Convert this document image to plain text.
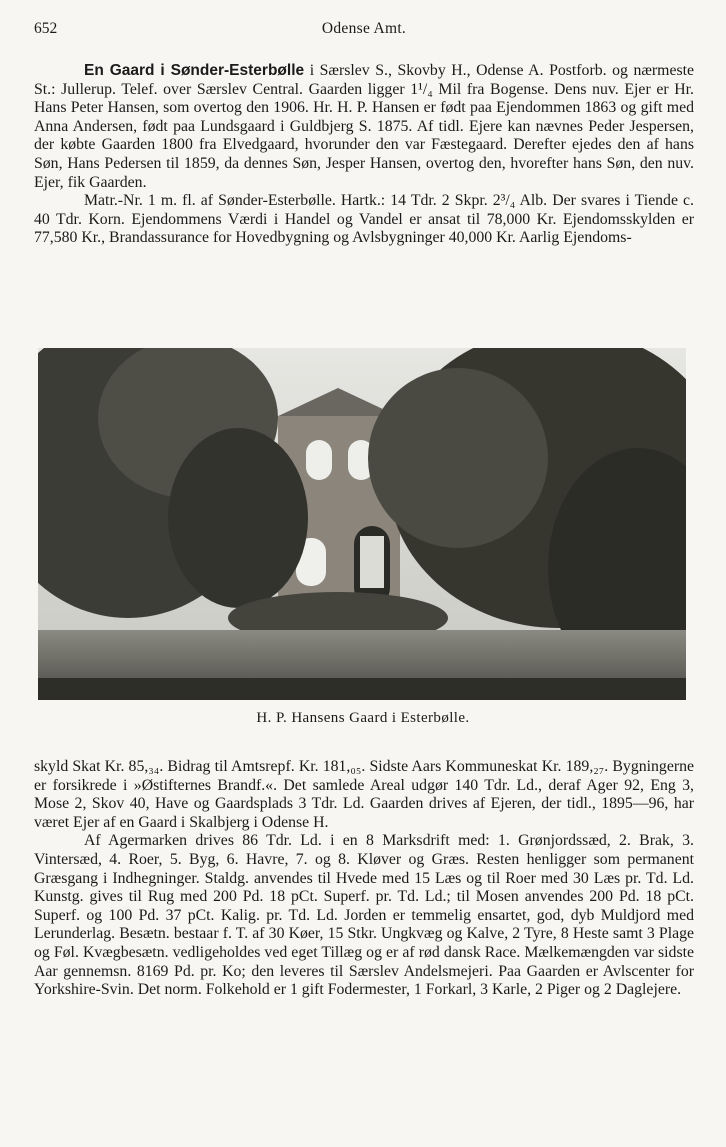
652	Odense Amt.

En Gaard i Sønder-Esterbølle i Særslev S., Skovby H., Odense A. Postforb. og nærmeste St.: Jullerup. Telef. over Særslev Central. Gaarden ligger 1¹/₄ Mil fra Bogense. Dens nuv. Ejer er Hr. Hans Peter Hansen, som overtog den 1906. Hr. H. P. Hansen er født paa Ejendommen 1863 og gift med Anna Andersen, født paa Lundsgaard i Guldbjerg S. 1875. Af tidl. Ejere kan nævnes Peder Jespersen, der købte Gaarden 1800 fra Elvedgaard, hvorunder den var Fæstegaard. Derefter ejedes den af hans Søn, Hans Pedersen til 1859, da dennes Søn, Jesper Hansen, overtog den, hvorefter hans Søn, den nuv. Ejer, fik Gaarden.

Matr.-Nr. 1 m. fl. af Sønder-Esterbølle. Hartk.: 14 Tdr. 2 Skpr. 2³/₄ Alb. Der svares i Tiende c. 40 Tdr. Korn. Ejendommens Værdi i Handel og Vandel er ansat til 78,000 Kr. Ejendomsskylden er 77,580 Kr., Brandassurance for Hovedbygning og Avlsbygninger 40,000 Kr. Aarlig Ejendoms-

H. P. Hansens Gaard i Esterbølle.

skyld Skat Kr. 85,₃₄. Bidrag til Amtsrepf. Kr. 181,₀₅. Sidste Aars Kommuneskat Kr. 189,₂₇. Bygningerne er forsikrede i »Østifternes Brandf.«. Det samlede Areal udgør 140 Tdr. Ld., deraf Ager 92, Eng 3, Mose 2, Skov 40, Have og Gaardsplads 3 Tdr. Ld. Gaarden drives af Ejeren, der tidl., 1895—96, har været Ejer af en Gaard i Skalbjerg i Odense H.

Af Agermarken drives 86 Tdr. Ld. i en 8 Marksdrift med: 1. Grønjordssæd, 2. Brak, 3. Vintersæd, 4. Roer, 5. Byg, 6. Havre, 7. og 8. Kløver og Græs. Resten henligger som permanent Græsgang i Indhegninger. Staldg. anvendes til Hvede med 15 Læs og til Roer med 30 Læs pr. Td. Ld. Kunstg. gives til Rug med 200 Pd. 18 pCt. Superf. pr. Td. Ld.; til Mosen anvendes 200 Pd. 18 pCt. Superf. og 100 Pd. 37 pCt. Kalig. pr. Td. Ld. Jorden er temmelig ensartet, god, dyb Muldjord med Lerunderlag. Besætn. bestaar f. T. af 30 Køer, 15 Stkr. Ungkvæg og Kalve, 2 Tyre, 8 Heste samt 3 Plage og Føl. Kvægbesætn. vedligeholdes ved eget Tillæg og er af rød dansk Race. Mælkemængden var sidste Aar gennemsn. 8169 Pd. pr. Ko; den leveres til Særslev Andelsmejeri. Paa Gaarden er Avlscenter for Yorkshire-Svin. Det norm. Folkehold er 1 gift Fodermester, 1 Forkarl, 3 Karle, 2 Piger og 2 Daglejere.
